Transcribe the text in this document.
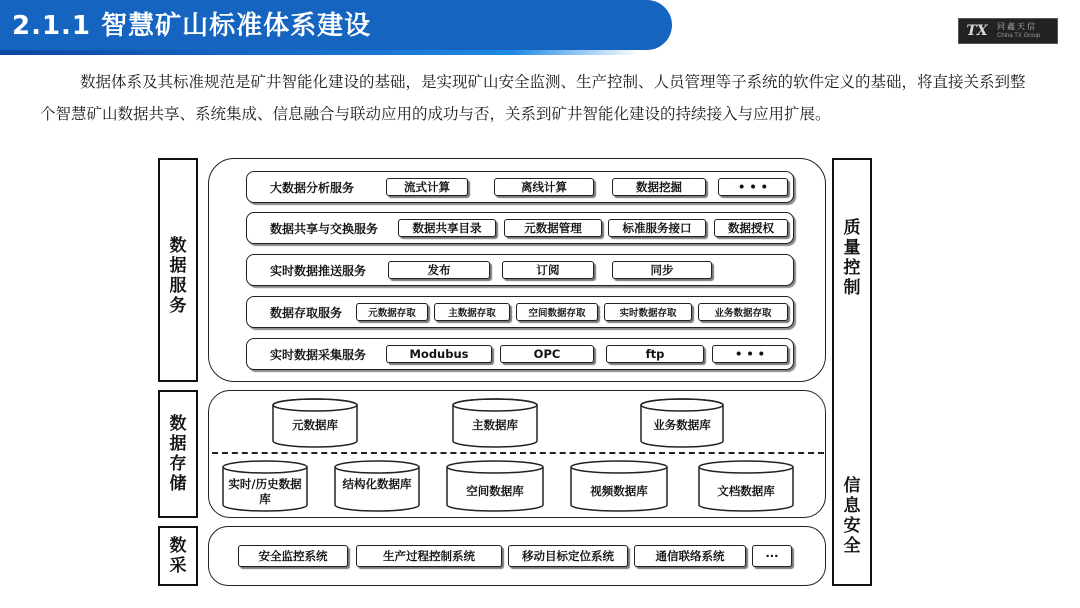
2.1.1 智慧矿山标准体系建设	TX	同鑫天信
China TX Group

数据体系及其标准规范是矿井智能化建设的基础，是实现矿山安全监测、生产控制、人员管理等子系统的软件定义的基础，将直接关系到整个智慧矿山数据共享、系统集成、信息融合与联动应用的成功与否，关系到矿井智能化建设的持续接入与应用扩展。

数据服务
数据存储
数采
质量控制
信息安全
大数据分析服务	流式计算	离线计算	数据挖掘	• • •
数据共享与交换服务	数据共享目录	元数据管理	标准服务接口	数据授权
实时数据推送服务	发布	订阅	同步
数据存取服务	元数据存取	主数据存取	空间数据存取	实时数据存取	业务数据存取
实时数据采集服务	Modubus	OPC	ftp	• • •
元数据库	主数据库	业务数据库
实时/历史数据库
结构化数据库	空间数据库	视频数据库	文档数据库
安全监控系统	生产过程控制系统	移动目标定位系统	通信联络系统	···
